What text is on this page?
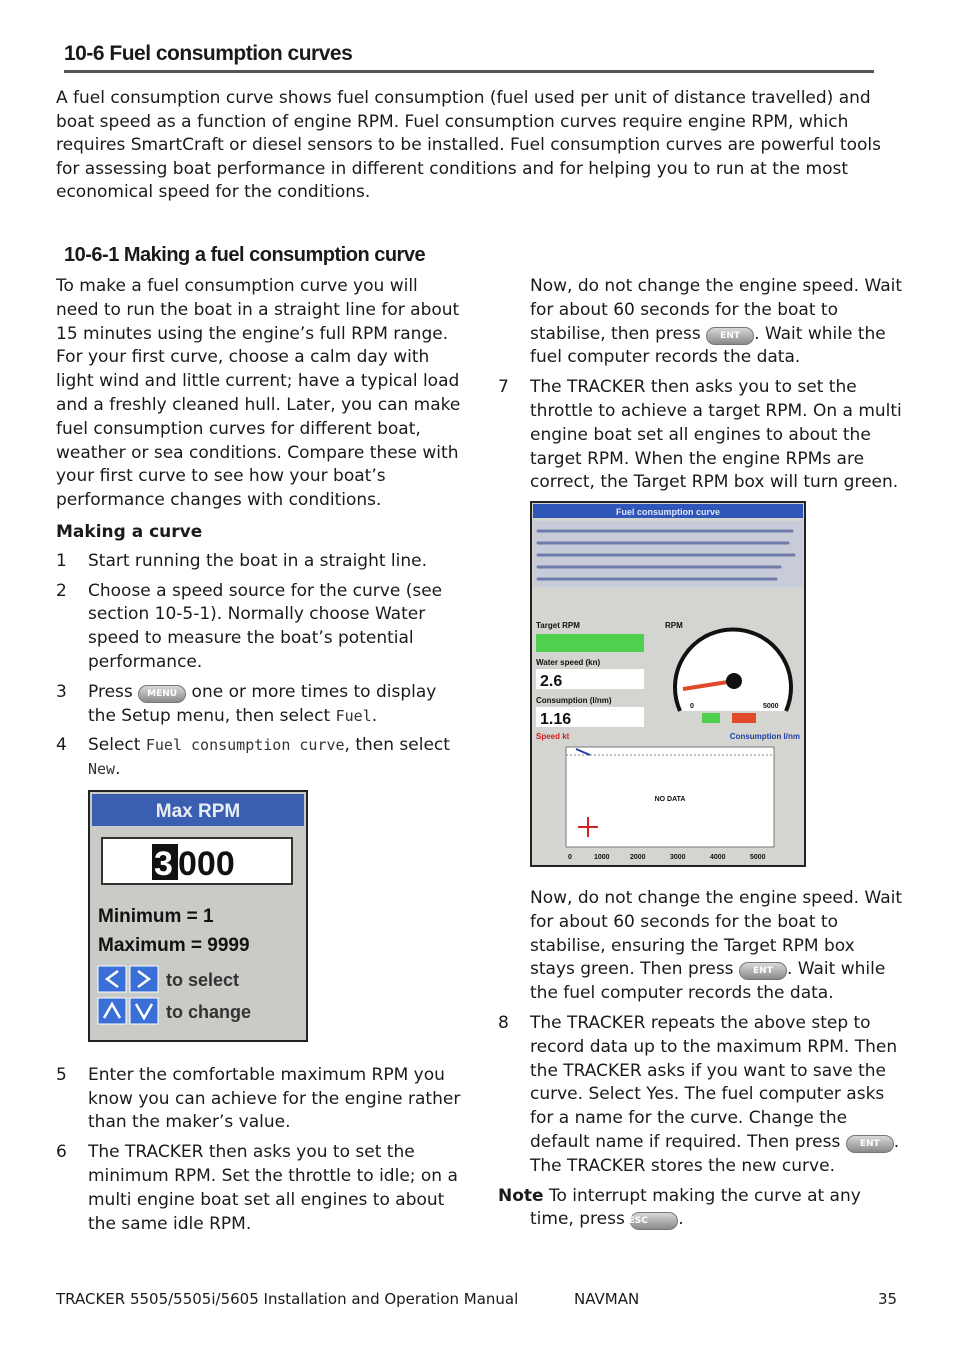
10-6 Fuel consumption curves

A fuel consumption curve shows fuel consumption (fuel used per unit of distance travelled) and boat speed as a function of engine RPM. Fuel consumption curves require engine RPM, which requires SmartCraft or diesel sensors to be installed. Fuel consumption curves are powerful tools for assessing boat performance in different conditions and for helping you to run at the most economical speed for the conditions.

10-6-1 Making a fuel consumption curve

To make a fuel consumption curve you will need to run the boat in a straight line for about 15 minutes using the engine’s full RPM range. For your first curve, choose a calm day with light wind and little current; have a typical load and a freshly cleaned hull. Later, you can make fuel consumption curves for different boat, weather or sea conditions. Compare these with your first curve to see how your boat’s performance changes with conditions.

Making a curve

1	Start running the boat in a straight line.
2	Choose a speed source for the curve (see section 10-5-1). Normally choose Water speed to measure the boat’s potential performance.
3	Press MENU one or more times to display the Setup menu, then select Fuel.
4	Select Fuel consumption curve, then select New.
Max RPM
3 000
Minimum = 1
Maximum = 9999
to select
to change
5	Enter the comfortable maximum RPM you know you can achieve for the engine rather than the maker’s value.
6	The TRACKER then asks you to set the minimum RPM. Set the throttle to idle; on a multi engine boat set all engines to about the same idle RPM.

Now, do not change the engine speed. Wait for about 60 seconds for the boat to stabilise, then press ENT . Wait while the fuel computer records the data.

7	The TRACKER then asks you to set the throttle to achieve a target RPM. On a multi engine boat set all engines to about the target RPM. When the engine RPMs are correct, the Target RPM box will turn green.
Fuel consumption curve
Target RPM
Water speed (kn)
2.6
Consumption (l/nm)
1.16
RPM
0	5000
Speed kt	Consumption l/nm
NO DATA
0	1000	2000	3000	4000	5000

Now, do not change the engine speed. Wait for about 60 seconds for the boat to stabilise, ensuring the Target RPM box stays green. Then press ENT . Wait while the fuel computer records the data.

8	The TRACKER repeats the above step to record data up to the maximum RPM. Then the TRACKER asks if you want to save the curve. Select Yes. The fuel computer asks for a name for the curve. Change the default name if required. Then press ENT . The TRACKER stores the new curve.

Note To interrupt making the curve at any time, press ESC .

TRACKER 5505/5505i/5605 Installation and Operation Manual	NAVMAN	35
